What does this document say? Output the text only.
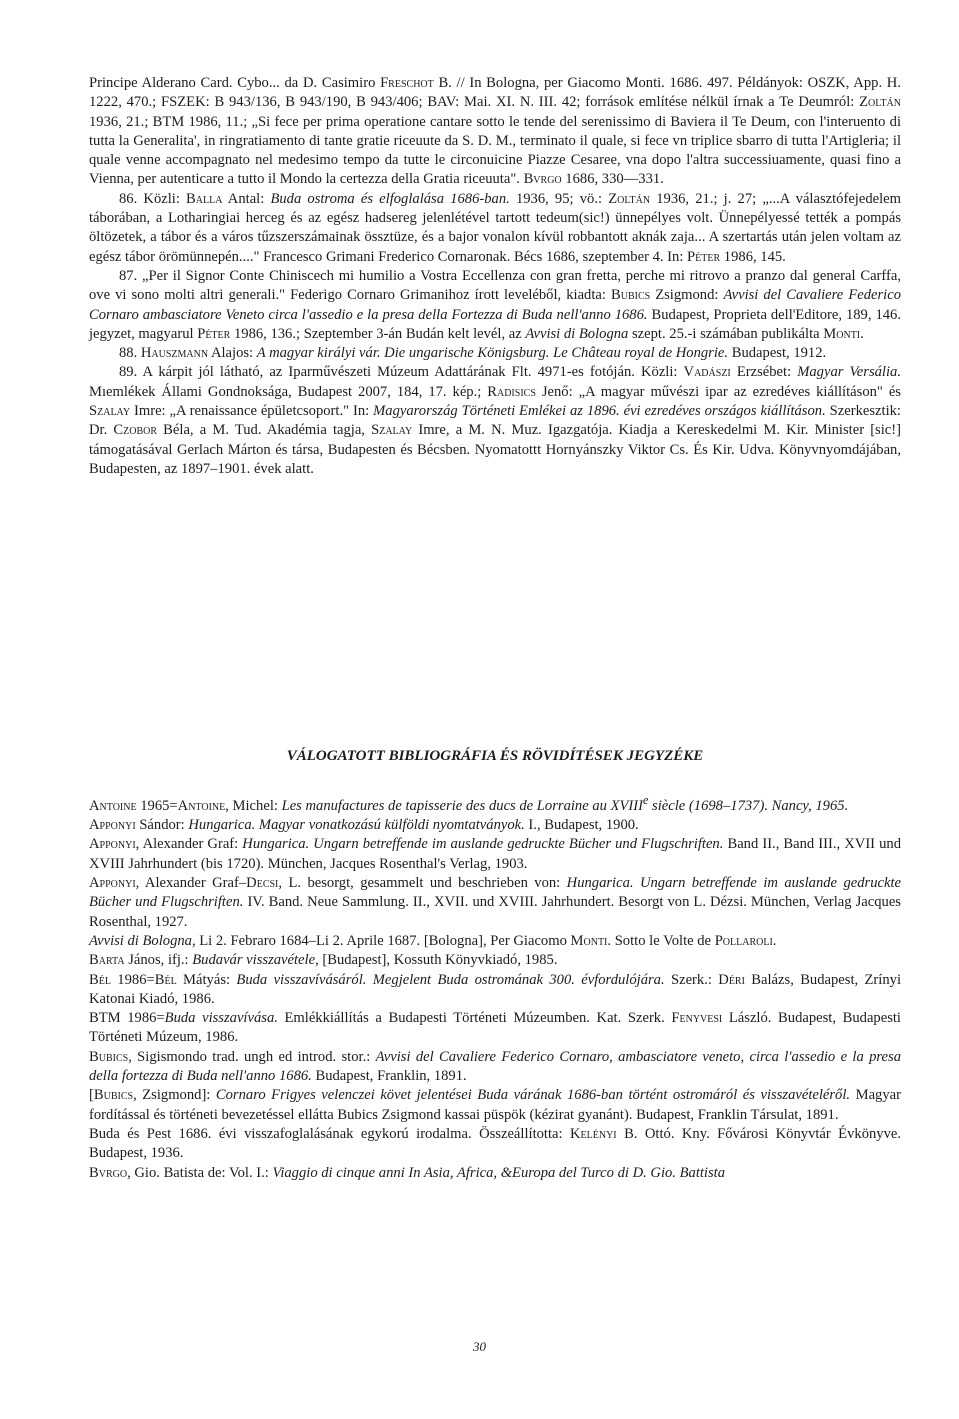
Principe Alderano Card. Cybo... da D. Casimiro Freschot B. // In Bologna, per Giacomo Monti. 1686. 497. Példányok: OSZK, App. H. 1222, 470.; FSZEK: B 943/136, B 943/190, B 943/406; BAV: Mai. XI. N. III. 42; források említése nélkül írnak a Te Deumról: Zoltán 1936, 21.; BTM 1986, 11.; „Si fece per prima operatione cantare sotto le tende del serenissimo di Baviera il Te Deum, con l'interuento di tutta la Generalita', in ringratiamento di tante gratie riceuute da S. D. M., terminato il quale, si fece vn triplice sbarro di tutta l'Artigleria; il quale venne accompagnato nel medesimo tempo da tutte le circonuicine Piazze Cesaree, vna dopo l'altra successiuamente, quasi fino a Vienna, per autenticare a tutto il Mondo la certezza della Gratia riceuuta". Bvrgo 1686, 330—331.

86. Közli: Balla Antal: Buda ostroma és elfoglalása 1686-ban. 1936, 95; vö.: Zoltán 1936, 21.; j. 27; „...A választófejedelem táborában, a Lotharingiai herceg és az egész hadsereg jelenlétével tartott tedeum(sic!) ünnepélyes volt. Ünnepélyessé tették a pompás öltözetek, a tábor és a város tűzszerszámainak össztüze, és a bajor vonalon kívül robbantott aknák zaja... A szertartás után jelen voltam az egész tábor örömünnepén...." Francesco Grimani Frederico Cornaronak. Bécs 1686, szeptember 4. In: Péter 1986, 145.

87. „Per il Signor Conte Chiniscech mi humilio a Vostra Eccellenza con gran fretta, perche mi ritrovo a pranzo dal general Carffa, ove vi sono molti altri generali." Federigo Cornaro Grimanihoz írott leveléből, kiadta: Bubics Zsigmond: Avvisi del Cavaliere Federico Cornaro ambasciatore Veneto circa l'assedio e la presa della Fortezza di Buda nell'anno 1686. Budapest, Proprieta dell'Editore, 189, 146. jegyzet, magyarul Péter 1986, 136.; Szeptember 3-án Budán kelt levél, az Avvisi di Bologna szept. 25.-i számában publikálta Monti.

88. Hauszmann Alajos: A magyar királyi vár. Die ungarische Königsburg. Le Château royal de Hongrie. Budapest, 1912.

89. A kárpit jól látható, az Iparművészeti Múzeum Adattárának Flt. 4971-es fotóján. Közli: Vadászi Erzsébet: Magyar Versália. Mıemlékek Állami Gondnoksága, Budapest 2007, 184, 17. kép.; Radisics Jenő: „A magyar művészi ipar az ezredéves kiállításon" és Szalay Imre: „A renaissance épületcsoport." In: Magyarország Történeti Emlékei az 1896. évi ezredéves országos kiállításon. Szerkesztik: Dr. Czobor Béla, a M. Tud. Akadémia tagja, Szalay Imre, a M. N. Muz. Igazgatója. Kiadja a Kereskedelmi M. Kir. Minister [sic!] támogatásával Gerlach Márton és társa, Budapesten és Bécsben. Nyomatottt Hornyánszky Viktor Cs. És Kir. Udva. Könyvnyomdájában, Budapesten, az 1897–1901. évek alatt.

VÁLOGATOTT BIBLIOGRÁFIA ÉS RÖVIDÍTÉSEK JEGYZÉKE

Antoine 1965=Antoine, Michel: Les manufactures de tapisserie des ducs de Lorraine au XVIIIe siècle (1698–1737). Nancy, 1965.

Apponyi Sándor: Hungarica. Magyar vonatkozású külföldi nyomtatványok. I., Budapest, 1900.

Apponyi, Alexander Graf: Hungarica. Ungarn betreffende im auslande gedruckte Bücher und Flugschriften. Band II., Band III., XVII und XVIII Jahrhundert (bis 1720). München, Jacques Rosenthal's Verlag, 1903.

Apponyi, Alexander Graf–Decsi, L. besorgt, gesammelt und beschrieben von: Hungarica. Ungarn betreffende im auslande gedruckte Bücher und Flugschriften. IV. Band. Neue Sammlung. II., XVII. und XVIII. Jahrhundert. Besorgt von L. Dézsi. München, Verlag Jacques Rosenthal, 1927.

Avvisi di Bologna, Li 2. Febraro 1684–Li 2. Aprile 1687. [Bologna], Per Giacomo Monti. Sotto le Volte de Pollaroli.

Barta János, ifj.: Budavár visszavétele, [Budapest], Kossuth Könyvkiadó, 1985.

Bél 1986=Bél Mátyás: Buda visszavívásáról. Megjelent Buda ostromának 300. évfordulójára. Szerk.: Déri Balázs, Budapest, Zrínyi Katonai Kiadó, 1986.

BTM 1986=Buda visszavívása. Emlékkiállítás a Budapesti Történeti Múzeumben. Kat. Szerk. Fenyvesi László. Budapest, Budapesti Történeti Múzeum, 1986.

Bubics, Sigismondo trad. ungh ed introd. stor.: Avvisi del Cavaliere Federico Cornaro, ambasciatore veneto, circa l'assedio e la presa della fortezza di Buda nell'anno 1686. Budapest, Franklin, 1891.

[Bubics, Zsigmond]: Cornaro Frigyes velenczei követ jelentései Buda várának 1686-ban történt ostromáról és visszavételéről. Magyar fordítással és történeti bevezetéssel ellátta Bubics Zsigmond kassai püspök (kézirat gyanánt). Budapest, Franklin Társulat, 1891.

Buda és Pest 1686. évi visszafoglalásának egykorú irodalma. Összeállította: Kelényi B. Ottó. Kny. Fővárosi Könyvtár Évkönyve. Budapest, 1936.

Bvrgo, Gio. Batista de: Vol. I.: Viaggio di cinque anni In Asia, Africa, &Europa del Turco di D. Gio. Battista

30
